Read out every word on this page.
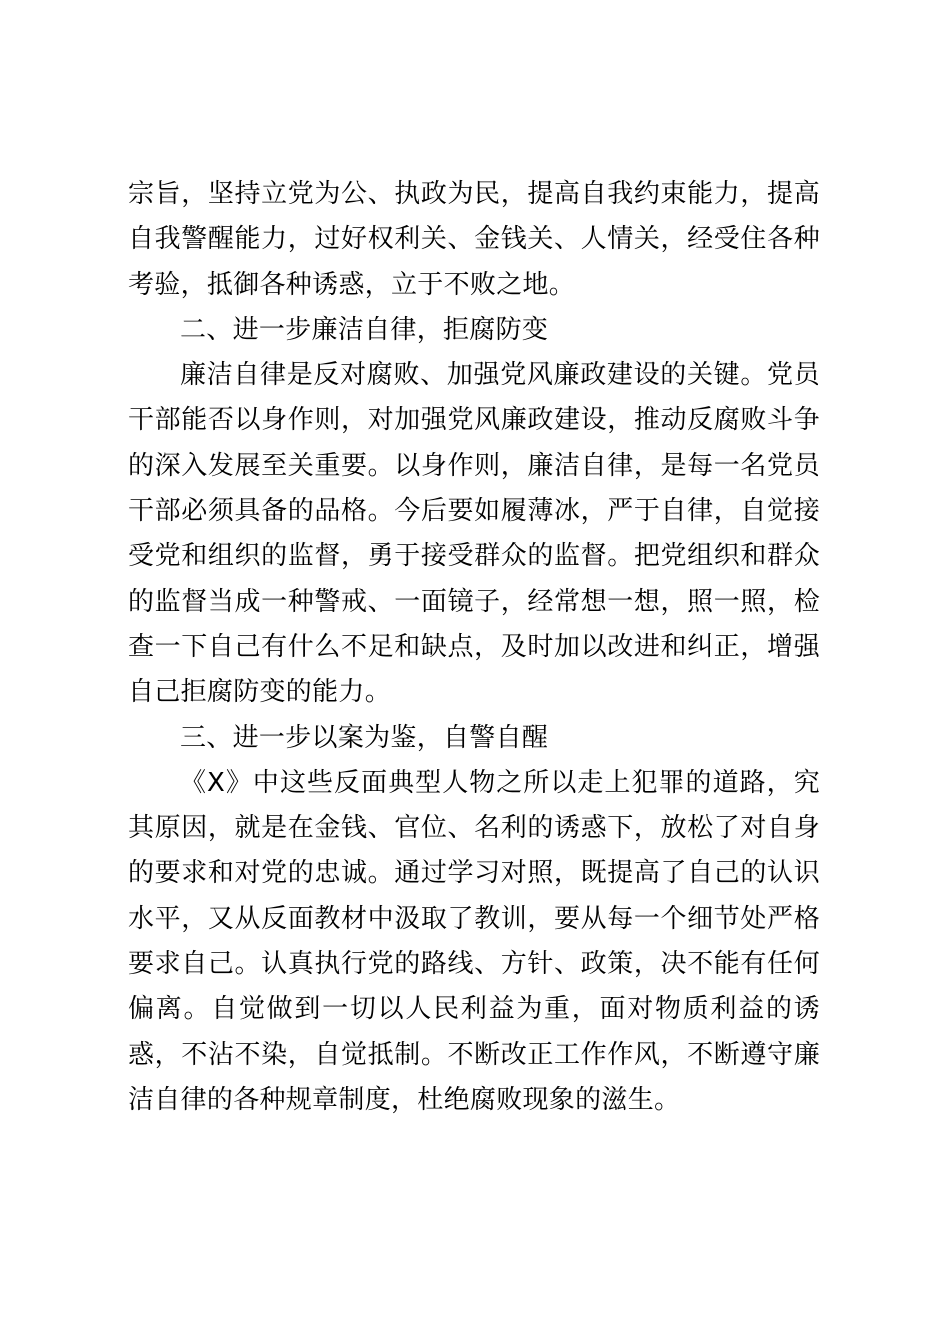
宗旨，坚持立党为公、执政为民，提高自我约束能力，提高自我警醒能力，过好权利关、金钱关、人情关，经受住各种考验，抵御各种诱惑，立于不败之地。

二、进一步廉洁自律，拒腐防变

廉洁自律是反对腐败、加强党风廉政建设的关键。党员干部能否以身作则，对加强党风廉政建设，推动反腐败斗争的深入发展至关重要。以身作则，廉洁自律，是每一名党员干部必须具备的品格。今后要如履薄冰，严于自律，自觉接受党和组织的监督，勇于接受群众的监督。把党组织和群众的监督当成一种警戒、一面镜子，经常想一想，照一照，检查一下自己有什么不足和缺点，及时加以改进和纠正，增强自己拒腐防变的能力。

三、进一步以案为鉴，自警自醒

《X》中这些反面典型人物之所以走上犯罪的道路，究其原因，就是在金钱、官位、名利的诱惑下，放松了对自身的要求和对党的忠诚。通过学习对照，既提高了自己的认识水平，又从反面教材中汲取了教训，要从每一个细节处严格要求自己。认真执行党的路线、方针、政策，决不能有任何偏离。自觉做到一切以人民利益为重，面对物质利益的诱惑，不沾不染，自觉抵制。不断改正工作作风，不断遵守廉洁自律的各种规章制度，杜绝腐败现象的滋生。
